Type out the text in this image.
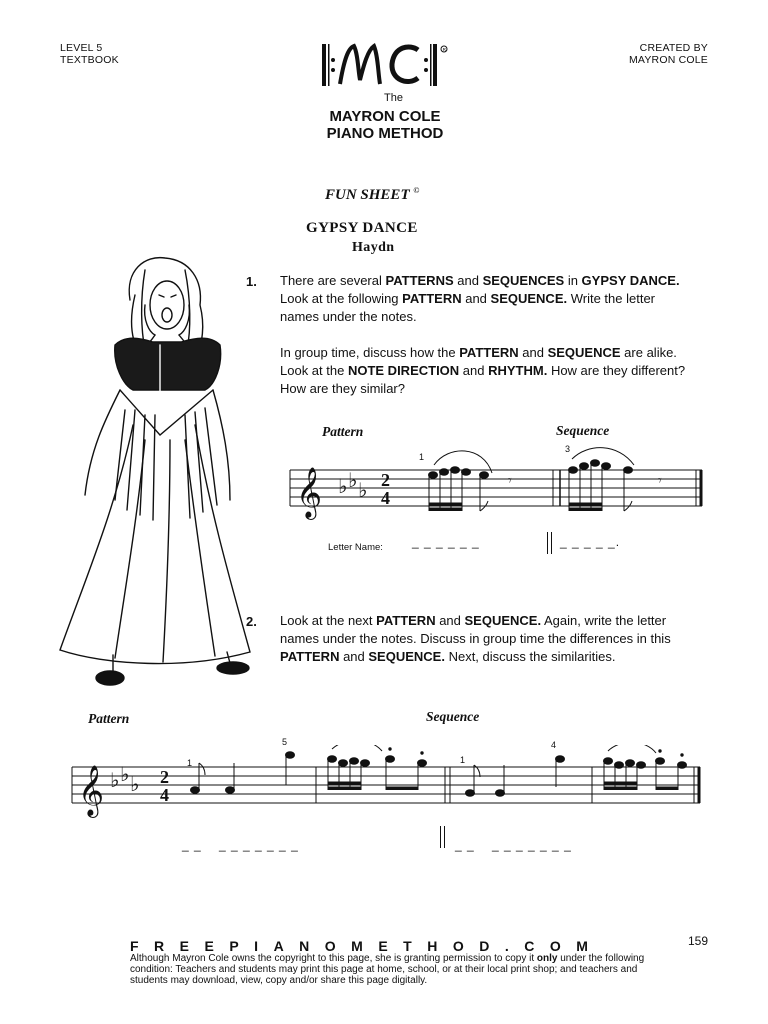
LEVEL 5
TEXTBOOK
CREATED BY
MAYRON COLE
R
The
MAYRON COLE
PIANO METHOD
FUN SHEET ©
GYPSY DANCE
Haydn
1. There are several PATTERNS and SEQUENCES in GYPSY DANCE. Look at the following PATTERN and SEQUENCE. Write the letter names under the notes.
In group time, discuss how the PATTERN and SEQUENCE are alike. Look at the NOTE DIRECTION and RHYTHM. How are they different? How are they similar?
Pattern	Sequence
1
3
𝄞 ♭ ♭ ♭ 2
4
𝄾	𝄾
Letter Name: _ _ _ _ _ _	_ _ _ _ _.
2. Look at the next PATTERN and SEQUENCE. Again, write the letter names under the notes. Discuss in group time the differences in this PATTERN and SEQUENCE. Next, discuss the similarities.
Pattern	Sequence
1
5
1
4
𝄞 ♭ ♭ ♭ 2
4
_ _    _ _ _ _ _ _ _	_ _    _ _ _ _ _ _ _
159
FREEPIANOMETHOD.COM
Although Mayron Cole owns the copyright to this page, she is granting permission to copy it only under the following condition: Teachers and students may print this page at home, school, or at their local print shop; and teachers and students may download, view, copy and/or share this page digitally.
